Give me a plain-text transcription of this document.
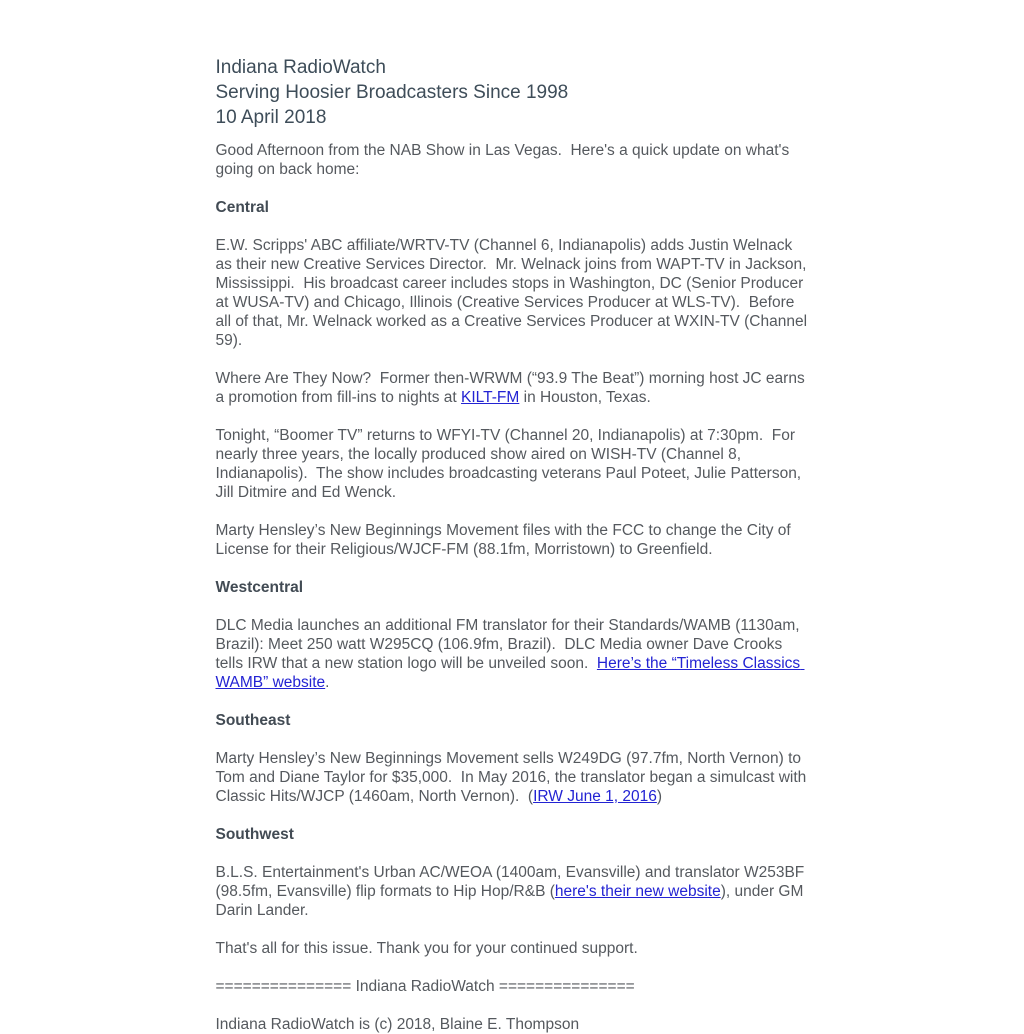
Indiana RadioWatch
Serving Hoosier Broadcasters Since 1998
10 April 2018

Good Afternoon from the NAB Show in Las Vegas.  Here's a quick update on what's going on back home:

Central

E.W. Scripps' ABC affiliate/WRTV-TV (Channel 6, Indianapolis) adds Justin Welnack as their new Creative Services Director.  Mr. Welnack joins from WAPT-TV in Jackson, Mississippi.  His broadcast career includes stops in Washington, DC (Senior Producer at WUSA-TV) and Chicago, Illinois (Creative Services Producer at WLS-TV).  Before all of that, Mr. Welnack worked as a Creative Services Producer at WXIN-TV (Channel 59).

Where Are They Now?  Former then-WRWM (“93.9 The Beat”) morning host JC earns a promotion from fill-ins to nights at KILT-FM in Houston, Texas.

Tonight, “Boomer TV” returns to WFYI-TV (Channel 20, Indianapolis) at 7:30pm.  For nearly three years, the locally produced show aired on WISH-TV (Channel 8, Indianapolis).  The show includes broadcasting veterans Paul Poteet, Julie Patterson, Jill Ditmire and Ed Wenck.

Marty Hensley’s New Beginnings Movement files with the FCC to change the City of License for their Religious/WJCF-FM (88.1fm, Morristown) to Greenfield.

Westcentral

DLC Media launches an additional FM translator for their Standards/WAMB (1130am, Brazil): Meet 250 watt W295CQ (106.9fm, Brazil).  DLC Media owner Dave Crooks tells IRW that a new station logo will be unveiled soon.  Here’s the “Timeless Classics WAMB” website.

Southeast

Marty Hensley’s New Beginnings Movement sells W249DG (97.7fm, North Vernon) to Tom and Diane Taylor for $35,000.  In May 2016, the translator began a simulcast with Classic Hits/WJCP (1460am, North Vernon).  (IRW June 1, 2016)

Southwest

B.L.S. Entertainment's Urban AC/WEOA (1400am, Evansville) and translator W253BF (98.5fm, Evansville) flip formats to Hip Hop/R&B (here's their new website), under GM Darin Lander.

That's all for this issue. Thank you for your continued support.

=============== Indiana RadioWatch ===============

Indiana RadioWatch is (c) 2018, Blaine E. Thompson
